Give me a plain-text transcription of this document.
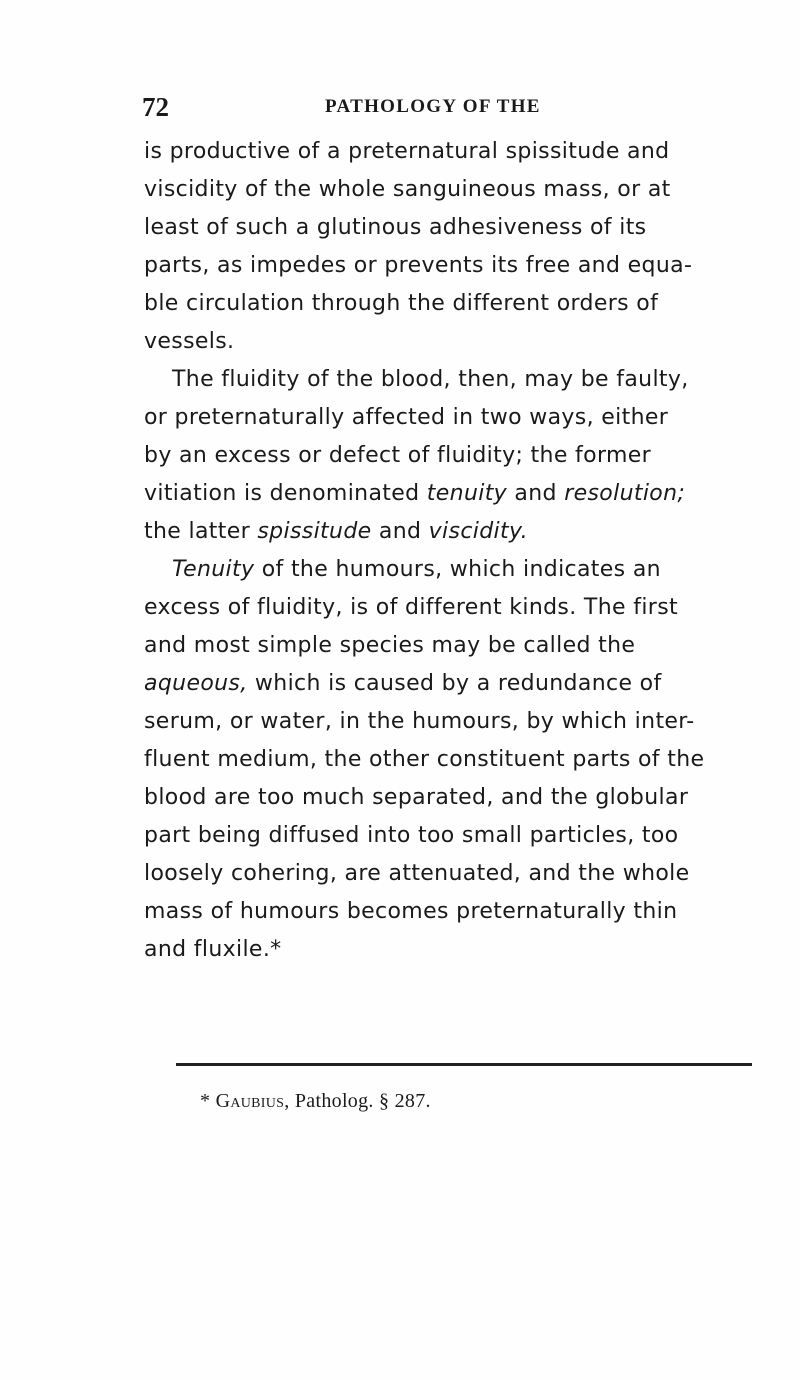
72	PATHOLOGY OF THE
is productive of a preternatural spissitude and
viscidity of the whole sanguineous mass, or at
least of such a glutinous adhesiveness of its
parts, as impedes or prevents its free and equa-
ble circulation through the different orders of
vessels.
The fluidity of the blood, then, may be faulty,
or preternaturally affected in two ways, either
by an excess or defect of fluidity; the former
vitiation is denominated tenuity and resolution;
the latter spissitude and viscidity.
Tenuity of the humours, which indicates an
excess of fluidity, is of different kinds. The first
and most simple species may be called the
aqueous, which is caused by a redundance of
serum, or water, in the humours, by which inter-
fluent medium, the other constituent parts of the
blood are too much separated, and the globular
part being diffused into too small particles, too
loosely cohering, are attenuated, and the whole
mass of humours becomes preternaturally thin
and fluxile.*
* Gaubius, Patholog. § 287.
